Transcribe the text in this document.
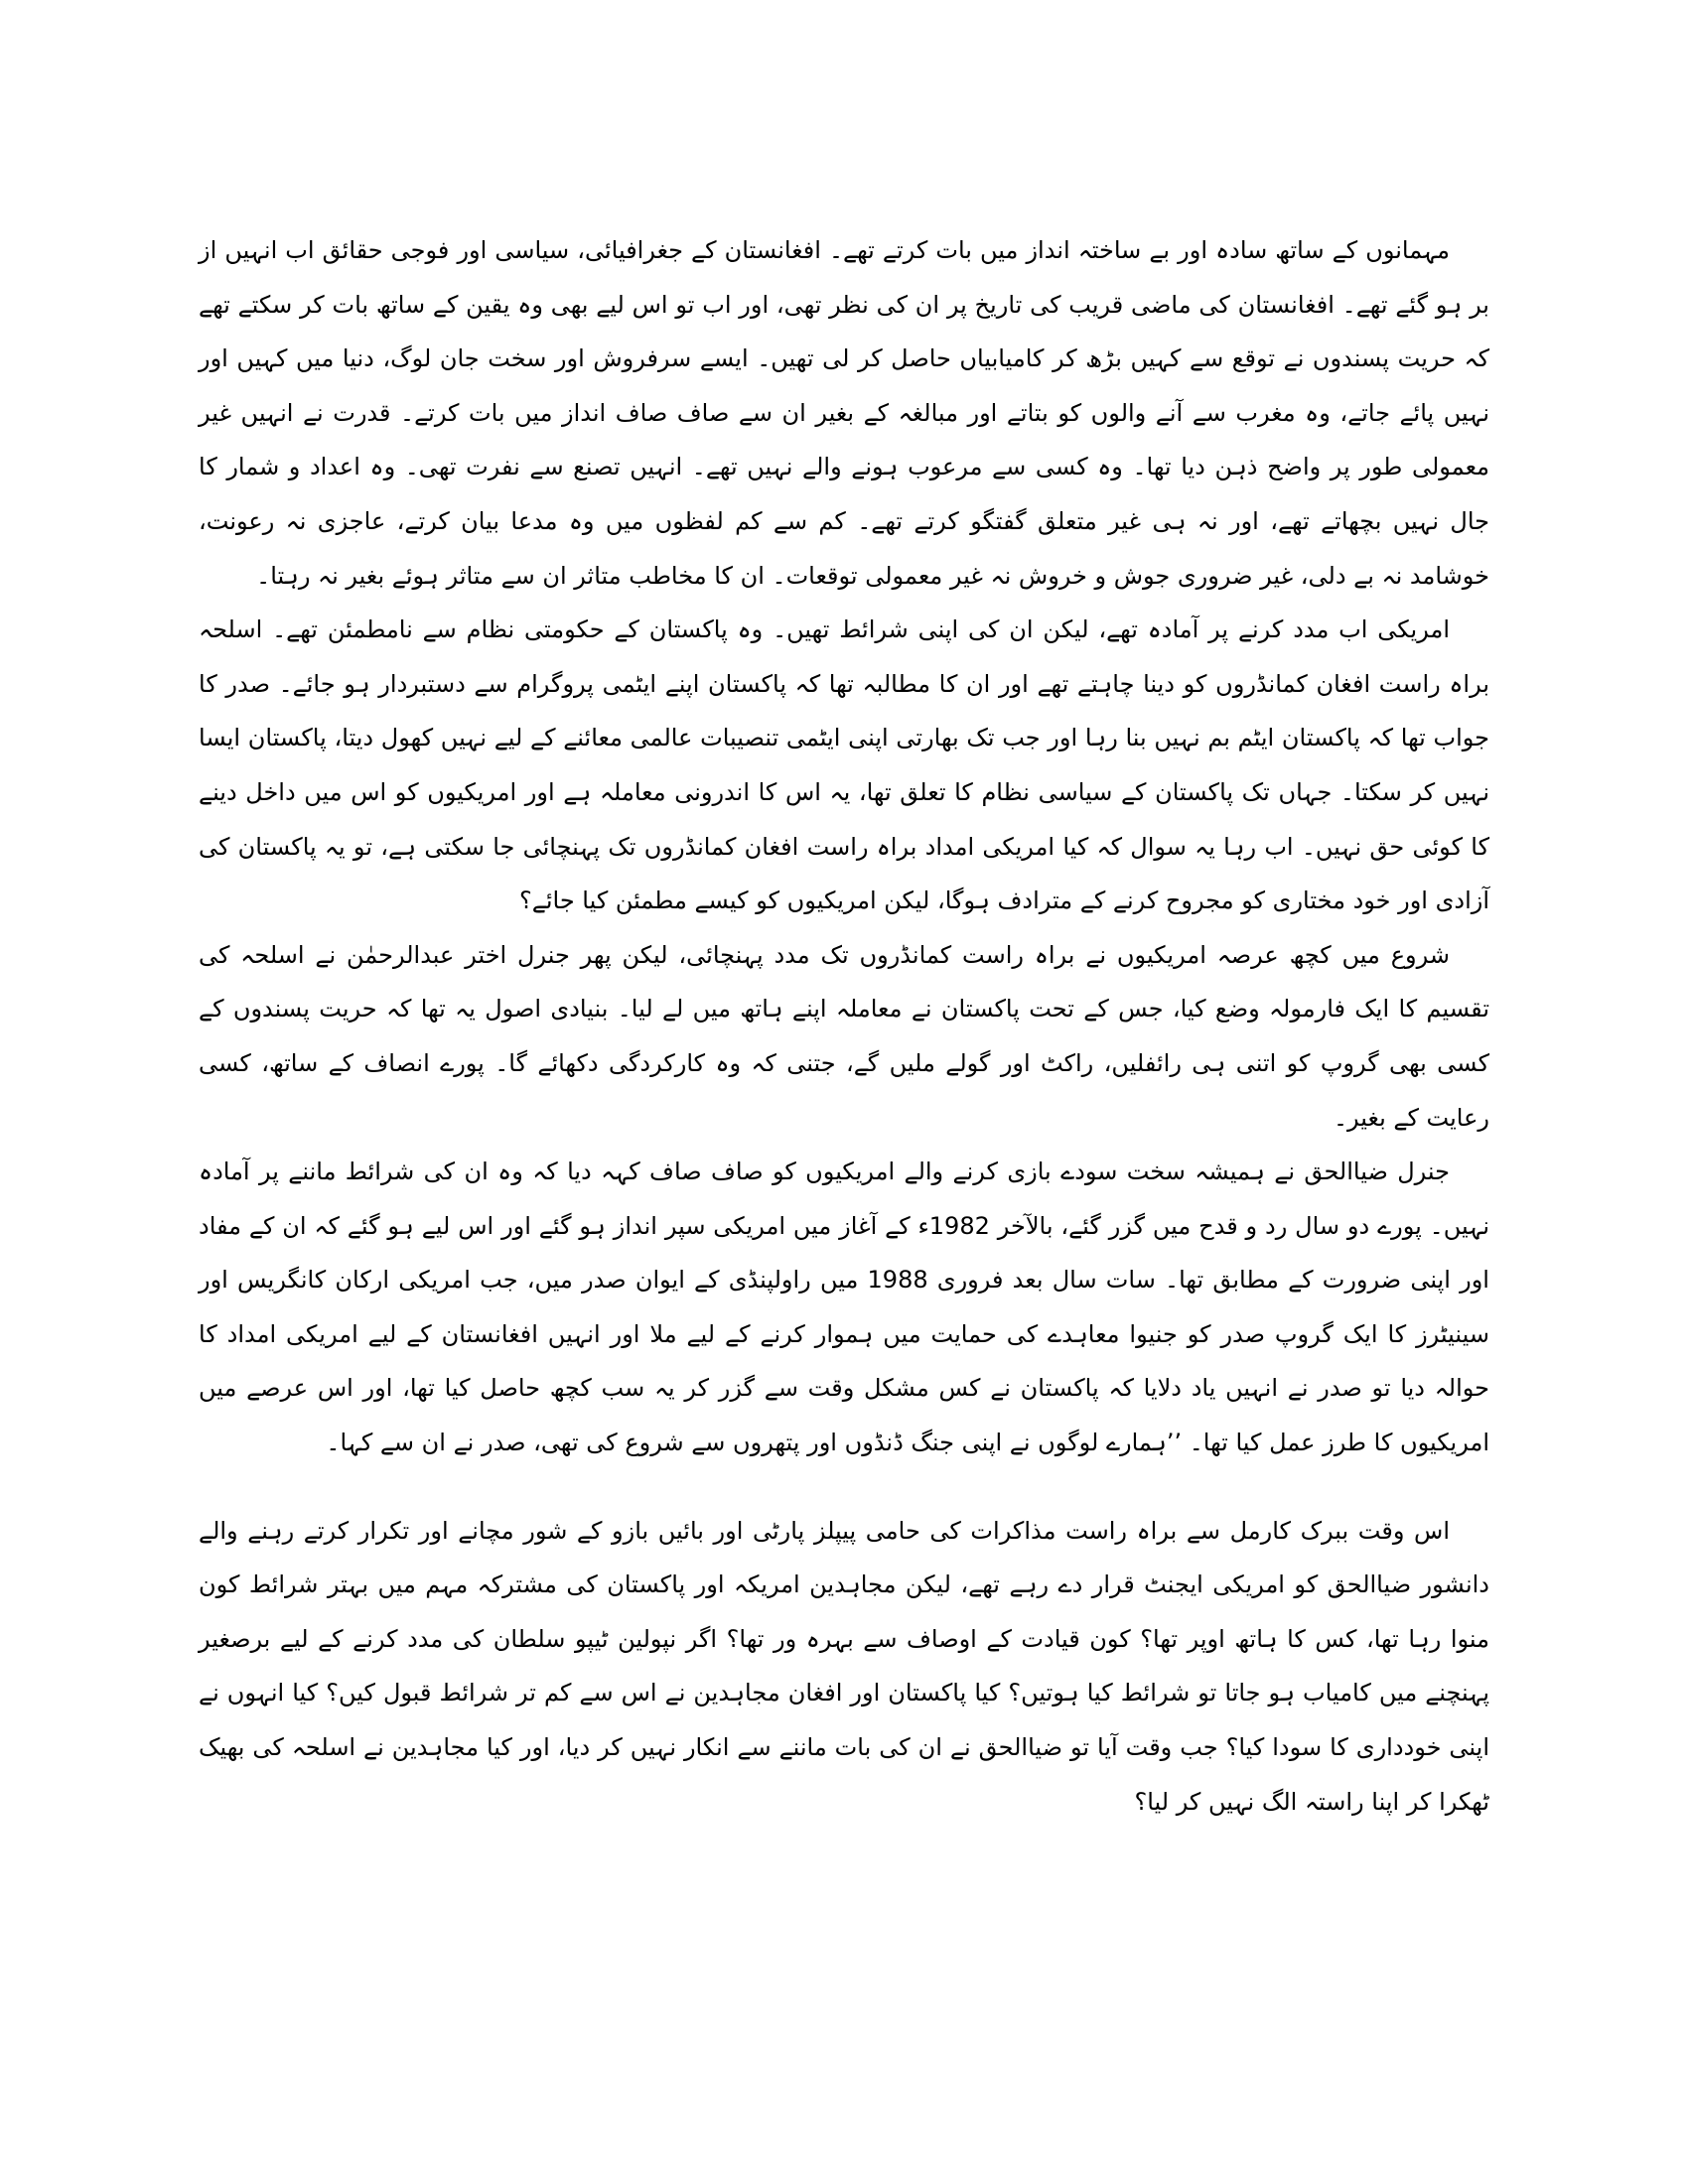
مہمانوں کے ساتھ سادہ اور بے ساختہ انداز میں بات کرتے تھے۔ افغانستان کے جغرافیائی، سیاسی اور فوجی حقائق اب انہیں از بر ہو گئے تھے۔ افغانستان کی ماضی قریب کی تاریخ پر ان کی نظر تھی، اور اب تو اس لیے بھی وہ یقین کے ساتھ بات کر سکتے تھے کہ حریت پسندوں نے توقع سے کہیں بڑھ کر کامیابیاں حاصل کر لی تھیں۔ ایسے سرفروش اور سخت جان لوگ، دنیا میں کہیں اور نہیں پائے جاتے، وہ مغرب سے آنے والوں کو بتاتے اور مبالغہ کے بغیر ان سے صاف صاف انداز میں بات کرتے۔ قدرت نے انہیں غیر معمولی طور پر واضح ذہن دیا تھا۔ وہ کسی سے مرعوب ہونے والے نہیں تھے۔ انہیں تصنع سے نفرت تھی۔ وہ اعداد و شمار کا جال نہیں بچھاتے تھے، اور نہ ہی غیر متعلق گفتگو کرتے تھے۔ کم سے کم لفظوں میں وہ مدعا بیان کرتے، عاجزی نہ رعونت، خوشامد نہ بے دلی، غیر ضروری جوش و خروش نہ غیر معمولی توقعات۔ ان کا مخاطب متاثر ان سے متاثر ہوئے بغیر نہ رہتا۔

امریکی اب مدد کرنے پر آمادہ تھے، لیکن ان کی اپنی شرائط تھیں۔ وہ پاکستان کے حکومتی نظام سے نامطمئن تھے۔ اسلحہ براہ راست افغان کمانڈروں کو دینا چاہتے تھے اور ان کا مطالبہ تھا کہ پاکستان اپنے ایٹمی پروگرام سے دستبردار ہو جائے۔ صدر کا جواب تھا کہ پاکستان ایٹم بم نہیں بنا رہا اور جب تک بھارتی اپنی ایٹمی تنصیبات عالمی معائنے کے لیے نہیں کھول دیتا، پاکستان ایسا نہیں کر سکتا۔ جہاں تک پاکستان کے سیاسی نظام کا تعلق تھا، یہ اس کا اندرونی معاملہ ہے اور امریکیوں کو اس میں داخل دینے کا کوئی حق نہیں۔ اب رہا یہ سوال کہ کیا امریکی امداد براہ راست افغان کمانڈروں تک پہنچائی جا سکتی ہے، تو یہ پاکستان کی آزادی اور خود مختاری کو مجروح کرنے کے مترادف ہوگا، لیکن امریکیوں کو کیسے مطمئن کیا جائے؟

شروع میں کچھ عرصہ امریکیوں نے براہ راست کمانڈروں تک مدد پہنچائی، لیکن پھر جنرل اختر عبدالرحمٰن نے اسلحہ کی تقسیم کا ایک فارمولہ وضع کیا، جس کے تحت پاکستان نے معاملہ اپنے ہاتھ میں لے لیا۔ بنیادی اصول یہ تھا کہ حریت پسندوں کے کسی بھی گروپ کو اتنی ہی رائفلیں، راکٹ اور گولے ملیں گے، جتنی کہ وہ کارکردگی دکھائے گا۔ پورے انصاف کے ساتھ، کسی رعایت کے بغیر۔

جنرل ضیاالحق نے ہمیشہ سخت سودے بازی کرنے والے امریکیوں کو صاف صاف کہہ دیا کہ وہ ان کی شرائط ماننے پر آمادہ نہیں۔ پورے دو سال رد و قدح میں گزر گئے، بالآخر 1982ء کے آغاز میں امریکی سپر انداز ہو گئے اور اس لیے ہو گئے کہ ان کے مفاد اور اپنی ضرورت کے مطابق تھا۔ سات سال بعد فروری 1988 میں راولپنڈی کے ایوان صدر میں، جب امریکی ارکان کانگریس اور سینیٹرز کا ایک گروپ صدر کو جنیوا معاہدے کی حمایت میں ہموار کرنے کے لیے ملا اور انہیں افغانستان کے لیے امریکی امداد کا حوالہ دیا تو صدر نے انہیں یاد دلایا کہ پاکستان نے کس مشکل وقت سے گزر کر یہ سب کچھ حاصل کیا تھا، اور اس عرصے میں امریکیوں کا طرز عمل کیا تھا۔ ’’ہمارے لوگوں نے اپنی جنگ ڈنڈوں اور پتھروں سے شروع کی تھی، صدر نے ان سے کہا۔

اس وقت ببرک کارمل سے براہ راست مذاکرات کی حامی پیپلز پارٹی اور بائیں بازو کے شور مچانے اور تکرار کرتے رہنے والے دانشور ضیاالحق کو امریکی ایجنٹ قرار دے رہے تھے، لیکن مجاہدین امریکہ اور پاکستان کی مشترکہ مہم میں بہتر شرائط کون منوا رہا تھا، کس کا ہاتھ اوپر تھا؟ کون قیادت کے اوصاف سے بہرہ ور تھا؟ اگر نپولین ٹیپو سلطان کی مدد کرنے کے لیے برصغیر پہنچنے میں کامیاب ہو جاتا تو شرائط کیا ہوتیں؟ کیا پاکستان اور افغان مجاہدین نے اس سے کم تر شرائط قبول کیں؟ کیا انہوں نے اپنی خودداری کا سودا کیا؟ جب وقت آیا تو ضیاالحق نے ان کی بات ماننے سے انکار نہیں کر دیا، اور کیا مجاہدین نے اسلحہ کی بھیک ٹھکرا کر اپنا راستہ الگ نہیں کر لیا؟
